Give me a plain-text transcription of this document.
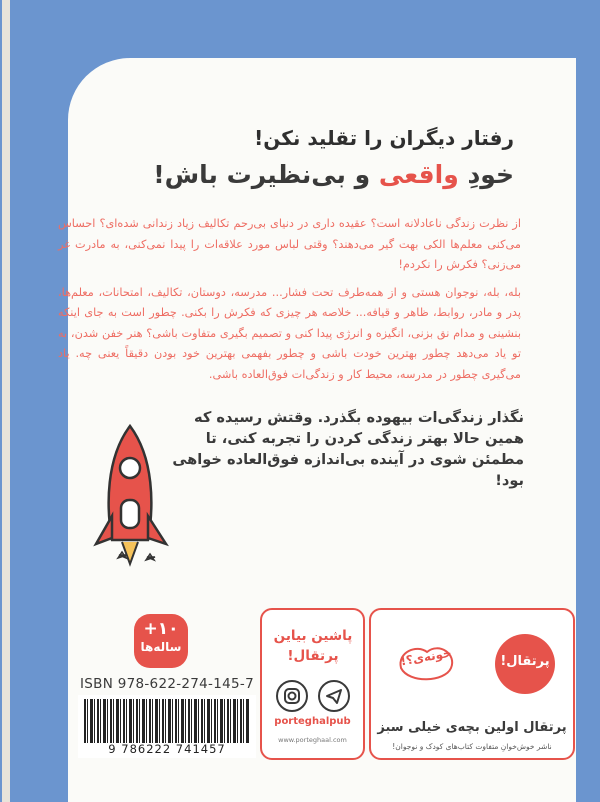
رفتار دیگران را تقلید نکن!
خودِ واقعی و بی‌نظیرت باش!

از نظرت زندگی ناعادلانه است؟ عقیده داری در دنیای بی‌رحم تکالیف زیاد زندانی شده‌ای؟ احساس می‌کنی معلم‌ها الکی بهت گیر می‌دهند؟ وقتی لباس مورد علاقه‌ات را پیدا نمی‌کنی، به مادرت غر می‌زنی؟ فکرش را نکردم!

بله، بله، نوجوان هستی و از همه‌طرف تحت فشار... مدرسه، دوستان، تکالیف، امتحانات، معلم‌ها، پدر و مادر، روابط، ظاهر و قیافه... خلاصه هر چیزی که فکرش را بکنی. چطور است به جای اینکه بنشینی و مدام نق بزنی، انگیزه و انرژی پیدا کنی و تصمیم بگیری متفاوت باشی؟ هنر خفن شدن، به تو یاد می‌دهد چطور بهترین خودت باشی و چطور بفهمی بهترین خود بودن دقیقاً یعنی چه. یاد می‌گیری چطور در مدرسه، محیط کار و زندگی‌ات فوق‌العاده باشی.

نگذار زندگی‌ات بیهوده بگذرد. وقتش رسیده که همین حالا بهتر زندگی کردن را تجربه کنی، تا مطمئن شوی در آینده بی‌اندازه فوق‌العاده خواهی بود!
+۱۰
ساله‌ها
ISBN 978-622-274-145-7
9 786222 741457
پاشین بیاین
پرتقال!
porteghalpub
www.porteghaal.com
پرتقال!
خونه‌ی؟!
پرتقال اولین بچه‌ی خیلی سبز
ناشر خوش‌خوانِ متفاوت کتاب‌های کودک و نوجوان!
